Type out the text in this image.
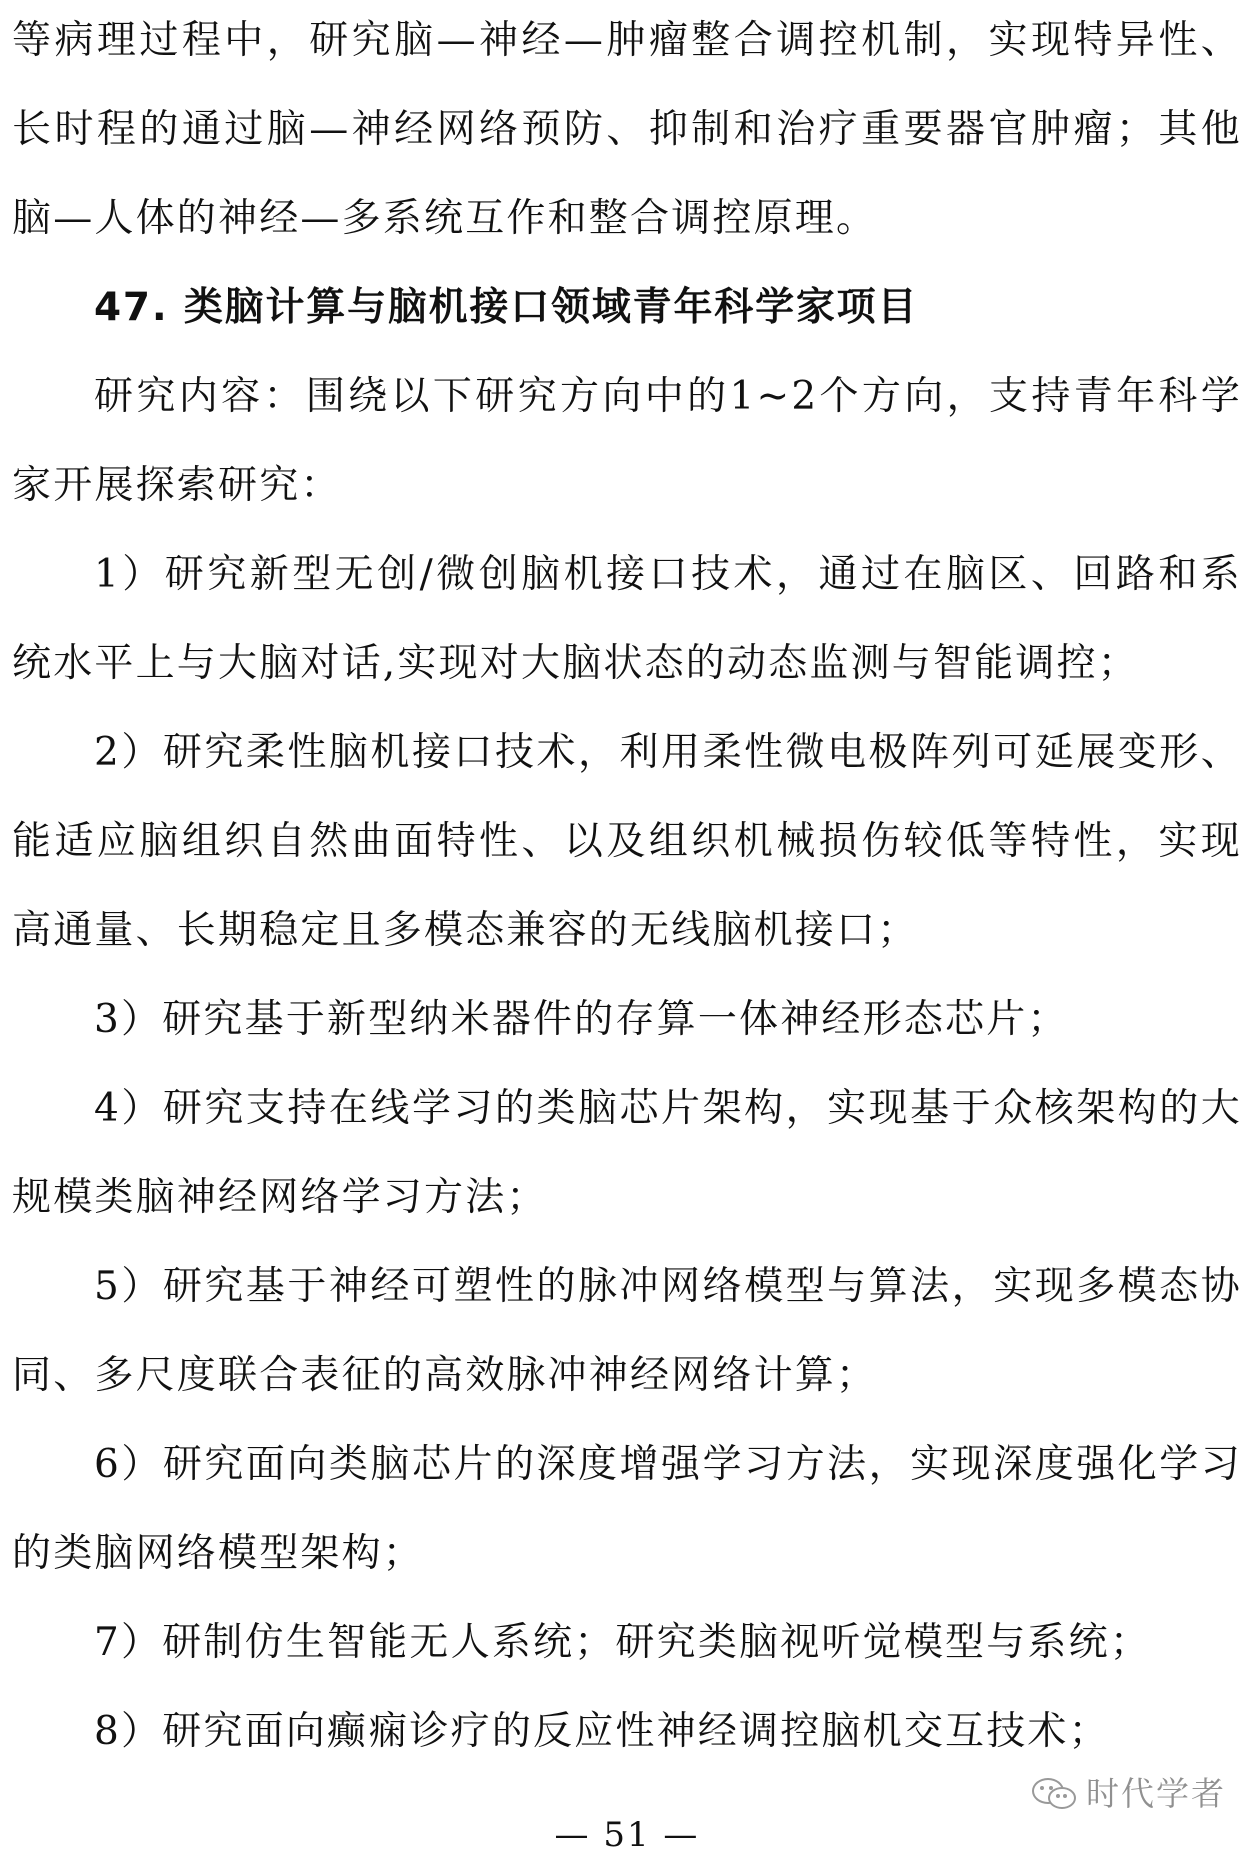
等病理过程中，研究脑—神经—肿瘤整合调控机制，实现特异性、长时程的通过脑—神经网络预防、抑制和治疗重要器官肿瘤；其他脑—人体的神经—多系统互作和整合调控原理。

47. 类脑计算与脑机接口领域青年科学家项目

研究内容：围绕以下研究方向中的1~2个方向，支持青年科学家开展探索研究：

1）研究新型无创/微创脑机接口技术，通过在脑区、回路和系统水平上与大脑对话,实现对大脑状态的动态监测与智能调控；

2）研究柔性脑机接口技术，利用柔性微电极阵列可延展变形、能适应脑组织自然曲面特性、以及组织机械损伤较低等特性，实现高通量、长期稳定且多模态兼容的无线脑机接口；

3）研究基于新型纳米器件的存算一体神经形态芯片；

4）研究支持在线学习的类脑芯片架构，实现基于众核架构的大规模类脑神经网络学习方法；

5）研究基于神经可塑性的脉冲网络模型与算法，实现多模态协同、多尺度联合表征的高效脉冲神经网络计算；

6）研究面向类脑芯片的深度增强学习方法，实现深度强化学习的类脑网络模型架构；

7）研制仿生智能无人系统；研究类脑视听觉模型与系统；

8）研究面向癫痫诊疗的反应性神经调控脑机交互技术；

时代学者
— 51 —
